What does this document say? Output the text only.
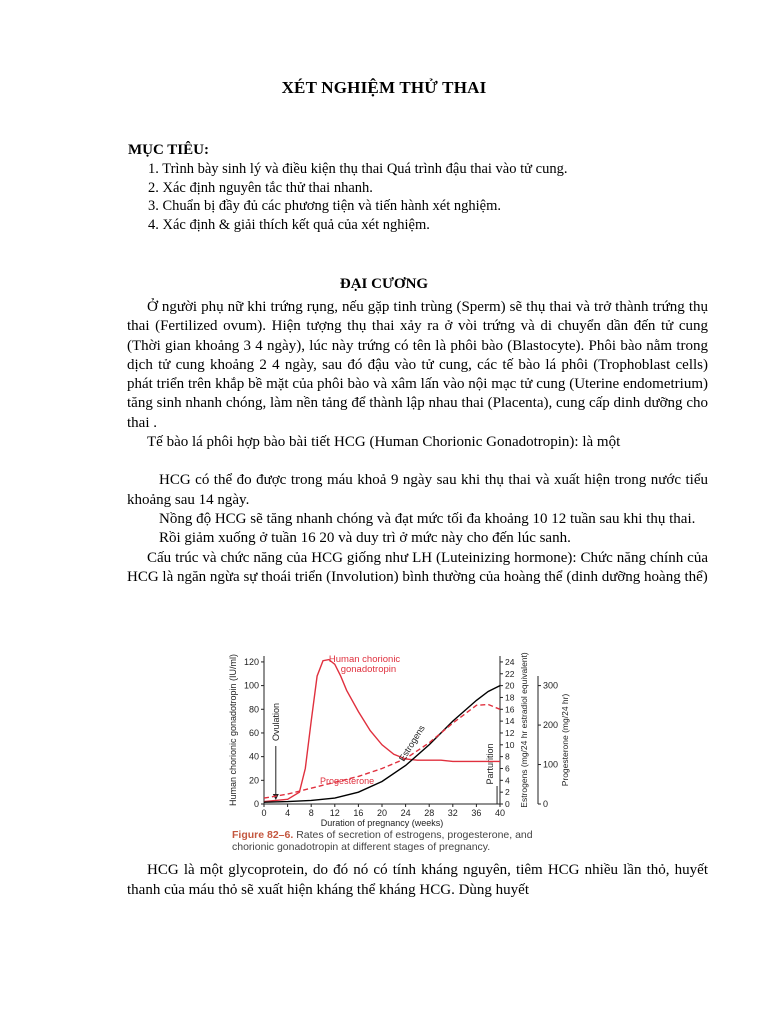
XÉT NGHIỆM THỬ THAI
MỤC TIÊU:
1. Trình bày sinh lý và điều kiện thụ thai Quá trình đậu thai vào tử cung.
2. Xác định nguyên tắc thử thai nhanh.
3. Chuẩn bị đầy đủ các phương tiện và tiến hành xét nghiệm.
4. Xác định & giải thích kết quả của xét nghiệm.
ĐẠI CƯƠNG

Ở người phụ nữ khi trứng rụng, nếu gặp tinh trùng (Sperm) sẽ thụ thai và trở thành trứng thụ thai (Fertilized ovum). Hiện tượng thụ thai xảy ra ở vòi trứng và di chuyển dần đến tử cung (Thời gian khoảng 3 4 ngày), lúc này trứng có tên là phôi bào (Blastocyte). Phôi bào nằm trong dịch tử cung khoảng 2 4 ngày, sau đó đậu vào tử cung, các tế bào lá phôi (Trophoblast cells) phát triển trên khắp bề mặt của phôi bào và xâm lấn vào nội mạc tử cung (Uterine endometrium) tăng sinh nhanh chóng, làm nền tảng để thành lập nhau thai (Placenta), cung cấp dinh dưỡng cho thai .

Tế bào lá phôi hợp bào bài tiết HCG (Human Chorionic Gonadotropin): là một

HCG có thể đo được trong máu khoả 9 ngày sau khi thụ thai và xuất hiện trong nước tiểu khoảng sau 14 ngày.

Nồng độ HCG sẽ tăng nhanh chóng và đạt mức tối đa khoảng 10 12 tuần sau khi thụ thai.

Rồi giảm xuống ở tuần 16 20 và duy trì ở mức này cho đến lúc sanh.

Cấu trúc và chức năng của HCG giống như LH (Luteinizing hormone): Chức năng chính của HCG là ngăn ngừa sự thoái triển (Involution) bình thường của hoàng thể (dinh dưỡng hoàng thể)

0 4 8 12 16 20 24 28 32 36 40
Duration of pregnancy (weeks)
0
20
40
60
80
100
120
Human chorionic gonadotropin (IU/ml)	0
2
4
6
8
10
12
14
16
18
20
22
24 Estrogens (mg/24 hr estradiol equivalent) 0
100
200
300
Progesterone (mg/24 hr)
Ovulation
Parturition
Human chorionic
gonadotropin
Progesterone
Estrogens
Figure 82–6. Rates of secretion of estrogens, progesterone, and chorionic gonadotropin at different stages of pregnancy.

HCG là một glycoprotein, do đó nó có tính kháng nguyên, tiêm HCG nhiều lần thỏ, huyết thanh của máu thỏ sẽ xuất hiện kháng thể kháng HCG. Dùng huyết
